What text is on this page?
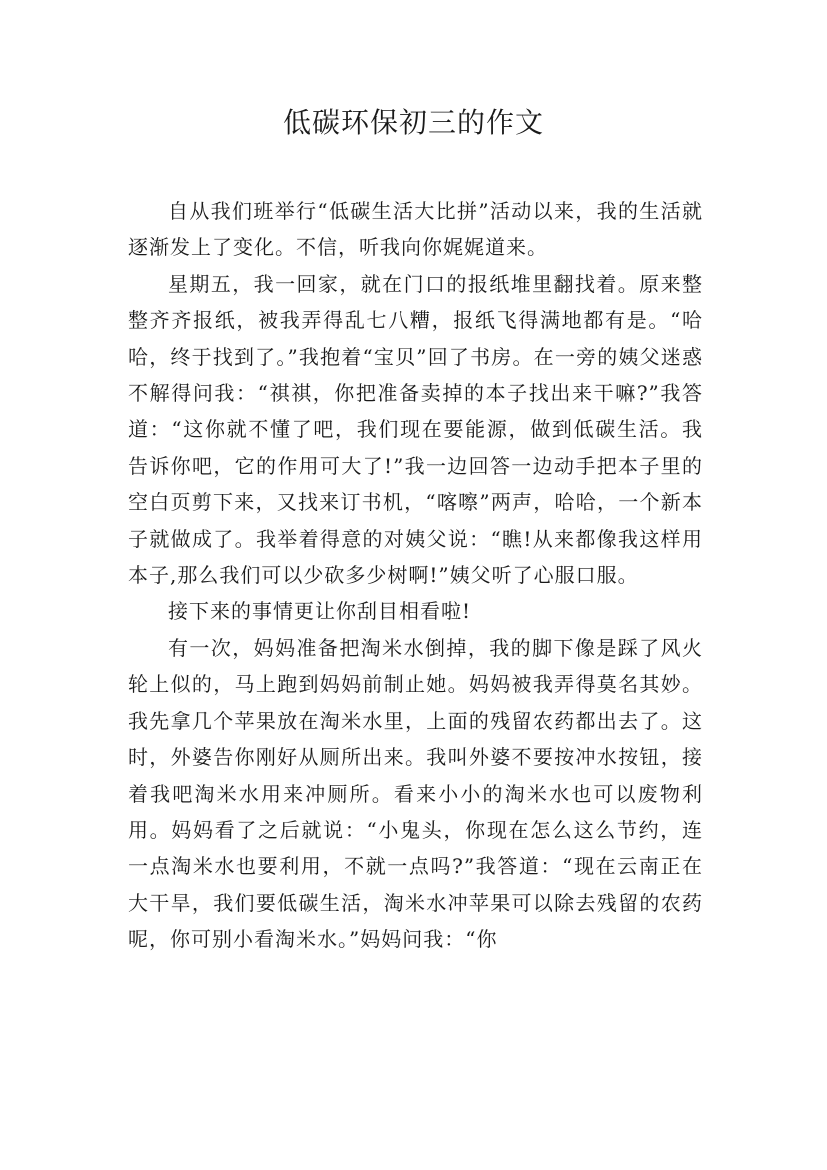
低碳环保初三的作文

自从我们班举行“低碳生活大比拼”活动以来，我的生活就逐渐发上了变化。不信，听我向你娓娓道来。

星期五，我一回家，就在门口的报纸堆里翻找着。原来整整齐齐报纸，被我弄得乱七八糟，报纸飞得满地都有是。“哈哈，终于找到了。”我抱着“宝贝”回了书房。在一旁的姨父迷惑不解得问我：“祺祺，你把准备卖掉的本子找出来干嘛?”我答道：“这你就不懂了吧，我们现在要能源，做到低碳生活。我告诉你吧，它的作用可大了!”我一边回答一边动手把本子里的空白页剪下来，又找来订书机，“喀嚓”两声，哈哈，一个新本子就做成了。我举着得意的对姨父说：“瞧!从来都像我这样用本子,那么我们可以少砍多少树啊!”姨父听了心服口服。

接下来的事情更让你刮目相看啦!

有一次，妈妈准备把淘米水倒掉，我的脚下像是踩了风火轮上似的，马上跑到妈妈前制止她。妈妈被我弄得莫名其妙。我先拿几个苹果放在淘米水里，上面的残留农药都出去了。这时，外婆告你刚好从厕所出来。我叫外婆不要按冲水按钮，接着我吧淘米水用来冲厕所。看来小小的淘米水也可以废物利用。妈妈看了之后就说：“小鬼头，你现在怎么这么节约，连一点淘米水也要利用，不就一点吗?”我答道：“现在云南正在大干旱，我们要低碳生活，淘米水冲苹果可以除去残留的农药呢，你可别小看淘米水。”妈妈问我：“你
